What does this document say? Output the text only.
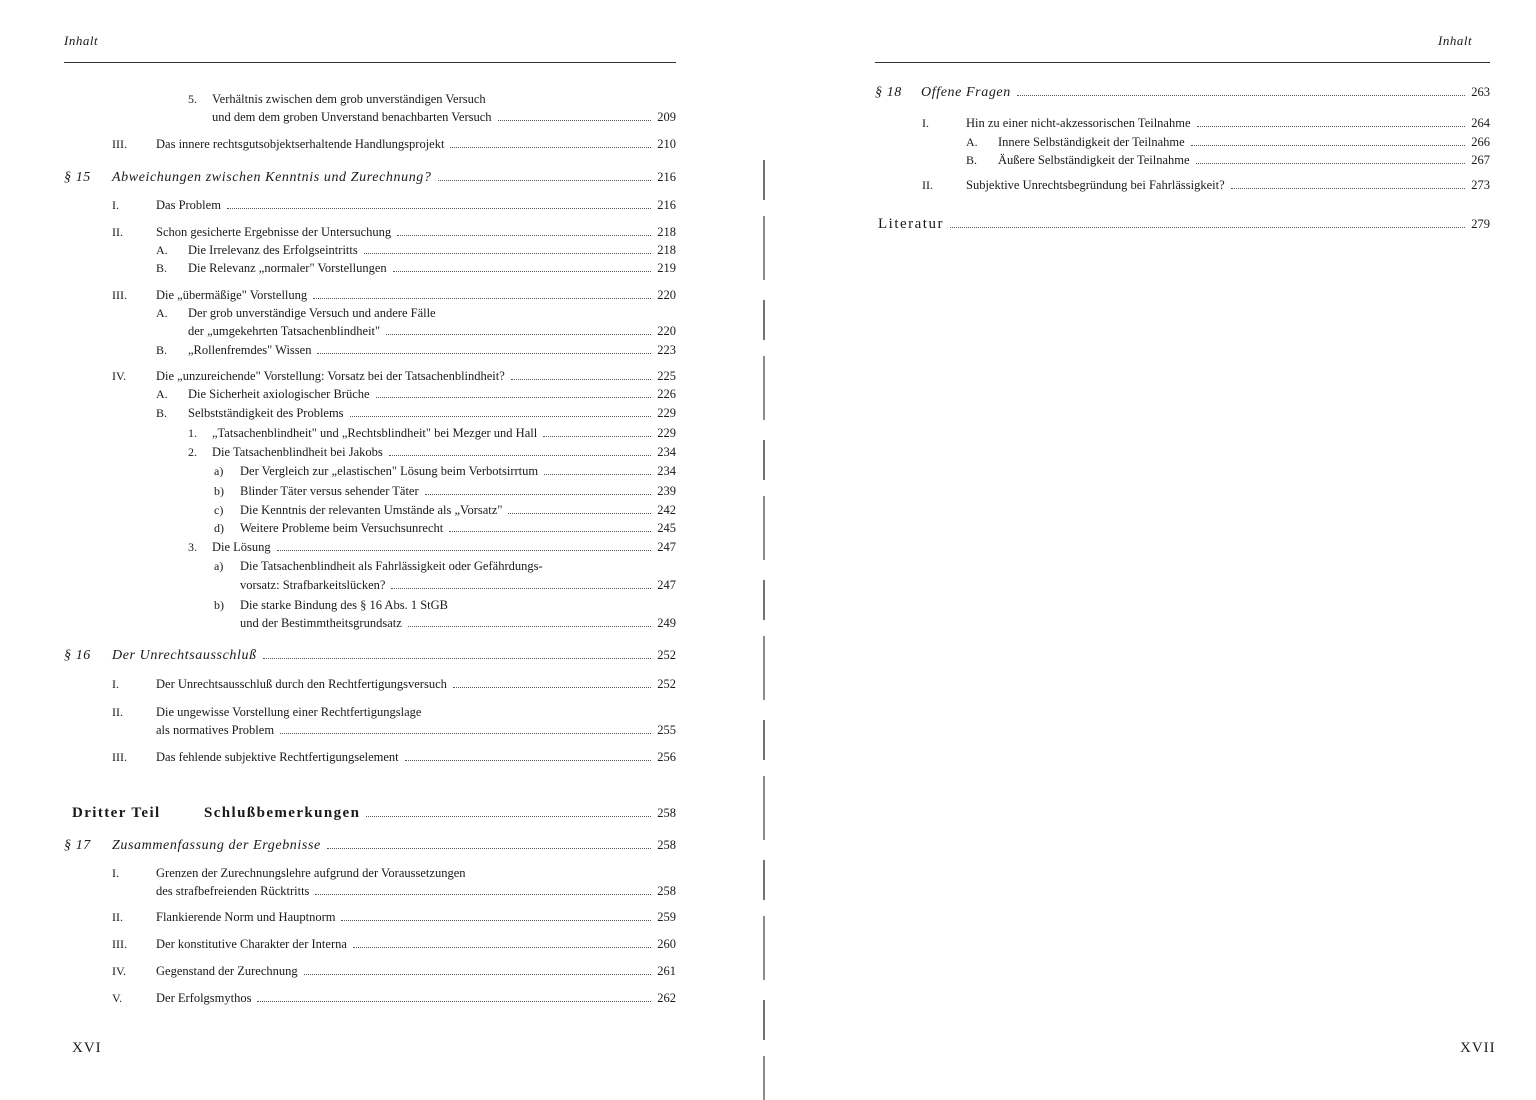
Inhalt
5.	Verhältnis zwischen dem grob unverständigen Versuch
und dem dem groben Unverstand benachbarten Versuch	209
III.	Das innere rechtsgutsobjektserhaltende Handlungsprojekt	210
§ 15	Abweichungen zwischen Kenntnis und Zurechnung?	216
I.	Das Problem	216
II.	Schon gesicherte Ergebnisse der Untersuchung	218
A.	Die Irrelevanz des Erfolgseintritts	218
B.	Die Relevanz „normaler" Vorstellungen	219
III.	Die „übermäßige" Vorstellung	220
A.	Der grob unverständige Versuch und andere Fälle
der „umgekehrten Tatsachenblindheit"	220
B.	„Rollenfremdes" Wissen	223
IV.	Die „unzureichende" Vorstellung: Vorsatz bei der Tatsachenblindheit?	225
A.	Die Sicherheit axiologischer Brüche	226
B.	Selbstständigkeit des Problems	229
1.	„Tatsachenblindheit" und „Rechtsblindheit" bei Mezger und Hall	229
2.	Die Tatsachenblindheit bei Jakobs	234
a)	Der Vergleich zur „elastischen" Lösung beim Verbotsirrtum	234
b)	Blinder Täter versus sehender Täter	239
c)	Die Kenntnis der relevanten Umstände als „Vorsatz"	242
d)	Weitere Probleme beim Versuchsunrecht	245
3.	Die Lösung	247
a)	Die Tatsachenblindheit als Fahrlässigkeit oder Gefährdungs-
vorsatz: Strafbarkeitslücken?	247
b)	Die starke Bindung des § 16 Abs. 1 StGB
und der Bestimmtheitsgrundsatz	249
§ 16	Der Unrechtsausschluß	252
I.	Der Unrechtsausschluß durch den Rechtfertigungsversuch	252
II.	Die ungewisse Vorstellung einer Rechtfertigungslage
als normatives Problem	255
III.	Das fehlende subjektive Rechtfertigungselement	256
Dritter Teil	Schlußbemerkungen	258
§ 17	Zusammenfassung der Ergebnisse	258
I.	Grenzen der Zurechnungslehre aufgrund der Voraussetzungen
des strafbefreienden Rücktritts	258
II.	Flankierende Norm und Hauptnorm	259
III.	Der konstitutive Charakter der Interna	260
IV.	Gegenstand der Zurechnung	261
V.	Der Erfolgsmythos	262
XVI
Inhalt
§ 18	Offene Fragen	263
I.	Hin zu einer nicht-akzessorischen Teilnahme	264
A.	Innere Selbständigkeit der Teilnahme	266
B.	Äußere Selbständigkeit der Teilnahme	267
II.	Subjektive Unrechtsbegründung bei Fahrlässigkeit?	273
Literatur	279
XVII
